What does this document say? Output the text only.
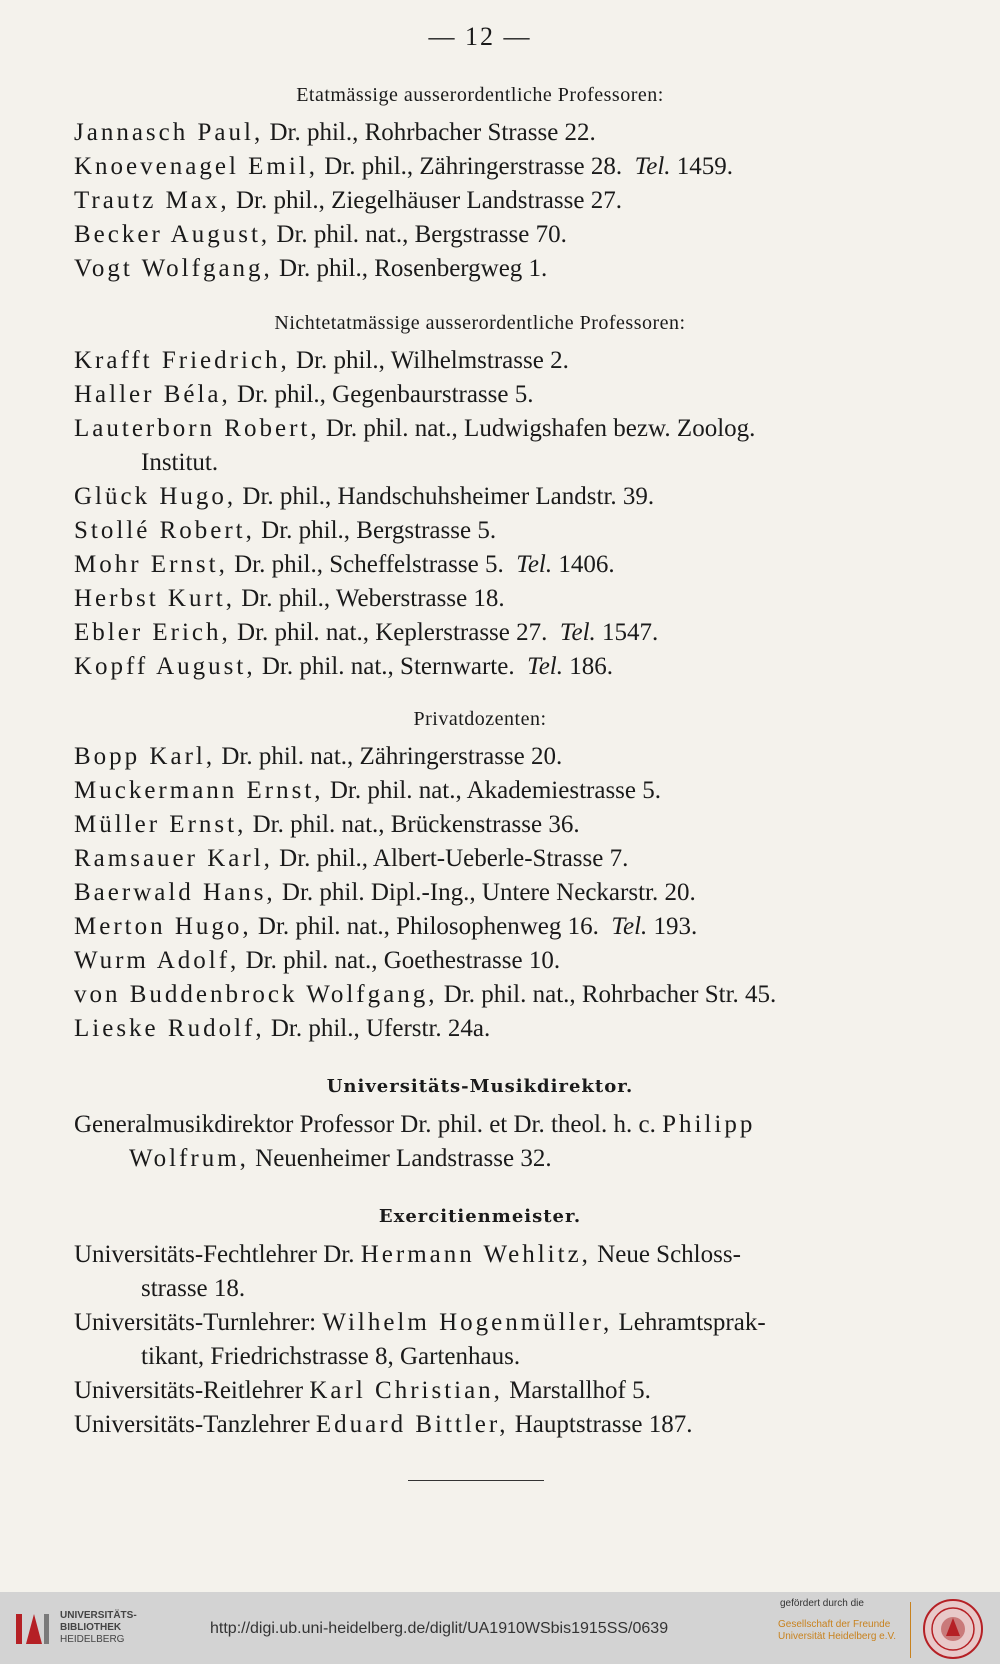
— 12 —
Etatmässige ausserordentliche Professoren:
Jannasch Paul, Dr. phil., Rohrbacher Strasse 22.
Knoevenagel Emil, Dr. phil., Zähringerstrasse 28. Tel. 1459.
Trautz Max, Dr. phil., Ziegelhäuser Landstrasse 27.
Becker August, Dr. phil. nat., Bergstrasse 70.
Vogt Wolfgang, Dr. phil., Rosenbergweg 1.
Nichtetatmässige ausserordentliche Professoren:
Krafft Friedrich, Dr. phil., Wilhelmstrasse 2.
Haller Béla, Dr. phil., Gegenbaurstrasse 5.
Lauterborn Robert, Dr. phil. nat., Ludwigshafen bezw. Zoolog.
Institut.
Glück Hugo, Dr. phil., Handschuhsheimer Landstr. 39.
Stollé Robert, Dr. phil., Bergstrasse 5.
Mohr Ernst, Dr. phil., Scheffelstrasse 5. Tel. 1406.
Herbst Kurt, Dr. phil., Weberstrasse 18.
Ebler Erich, Dr. phil. nat., Keplerstrasse 27. Tel. 1547.
Kopff August, Dr. phil. nat., Sternwarte. Tel. 186.
Privatdozenten:
Bopp Karl, Dr. phil. nat., Zähringerstrasse 20.
Muckermann Ernst, Dr. phil. nat., Akademiestrasse 5.
Müller Ernst, Dr. phil. nat., Brückenstrasse 36.
Ramsauer Karl, Dr. phil., Albert-Ueberle-Strasse 7.
Baerwald Hans, Dr. phil. Dipl.-Ing., Untere Neckarstr. 20.
Merton Hugo, Dr. phil. nat., Philosophenweg 16. Tel. 193.
Wurm Adolf, Dr. phil. nat., Goethestrasse 10.
von Buddenbrock Wolfgang, Dr. phil. nat., Rohrbacher Str. 45.
Lieske Rudolf, Dr. phil., Uferstr. 24a.
Universitäts-Musikdirektor.
Generalmusikdirektor Professor Dr. phil. et Dr. theol. h. c. Philipp
Wolfrum, Neuenheimer Landstrasse 32.
Exercitienmeister.
Universitäts-Fechtlehrer Dr. Hermann Wehlitz, Neue Schloss-
strasse 18.
Universitäts-Turnlehrer: Wilhelm Hogenmüller, Lehramtsprak-
tikant, Friedrichstrasse 8, Gartenhaus.
Universitäts-Reitlehrer Karl Christian, Marstallhof 5.
Universitäts-Tanzlehrer Eduard Bittler, Hauptstrasse 187.
UNIVERSITÄTS-
BIBLIOTHEK
HEIDELBERG
http://digi.ub.uni-heidelberg.de/diglit/UA1910WSbis1915SS/0639
gefördert durch die
Gesellschaft der Freunde
Universität Heidelberg e.V.
